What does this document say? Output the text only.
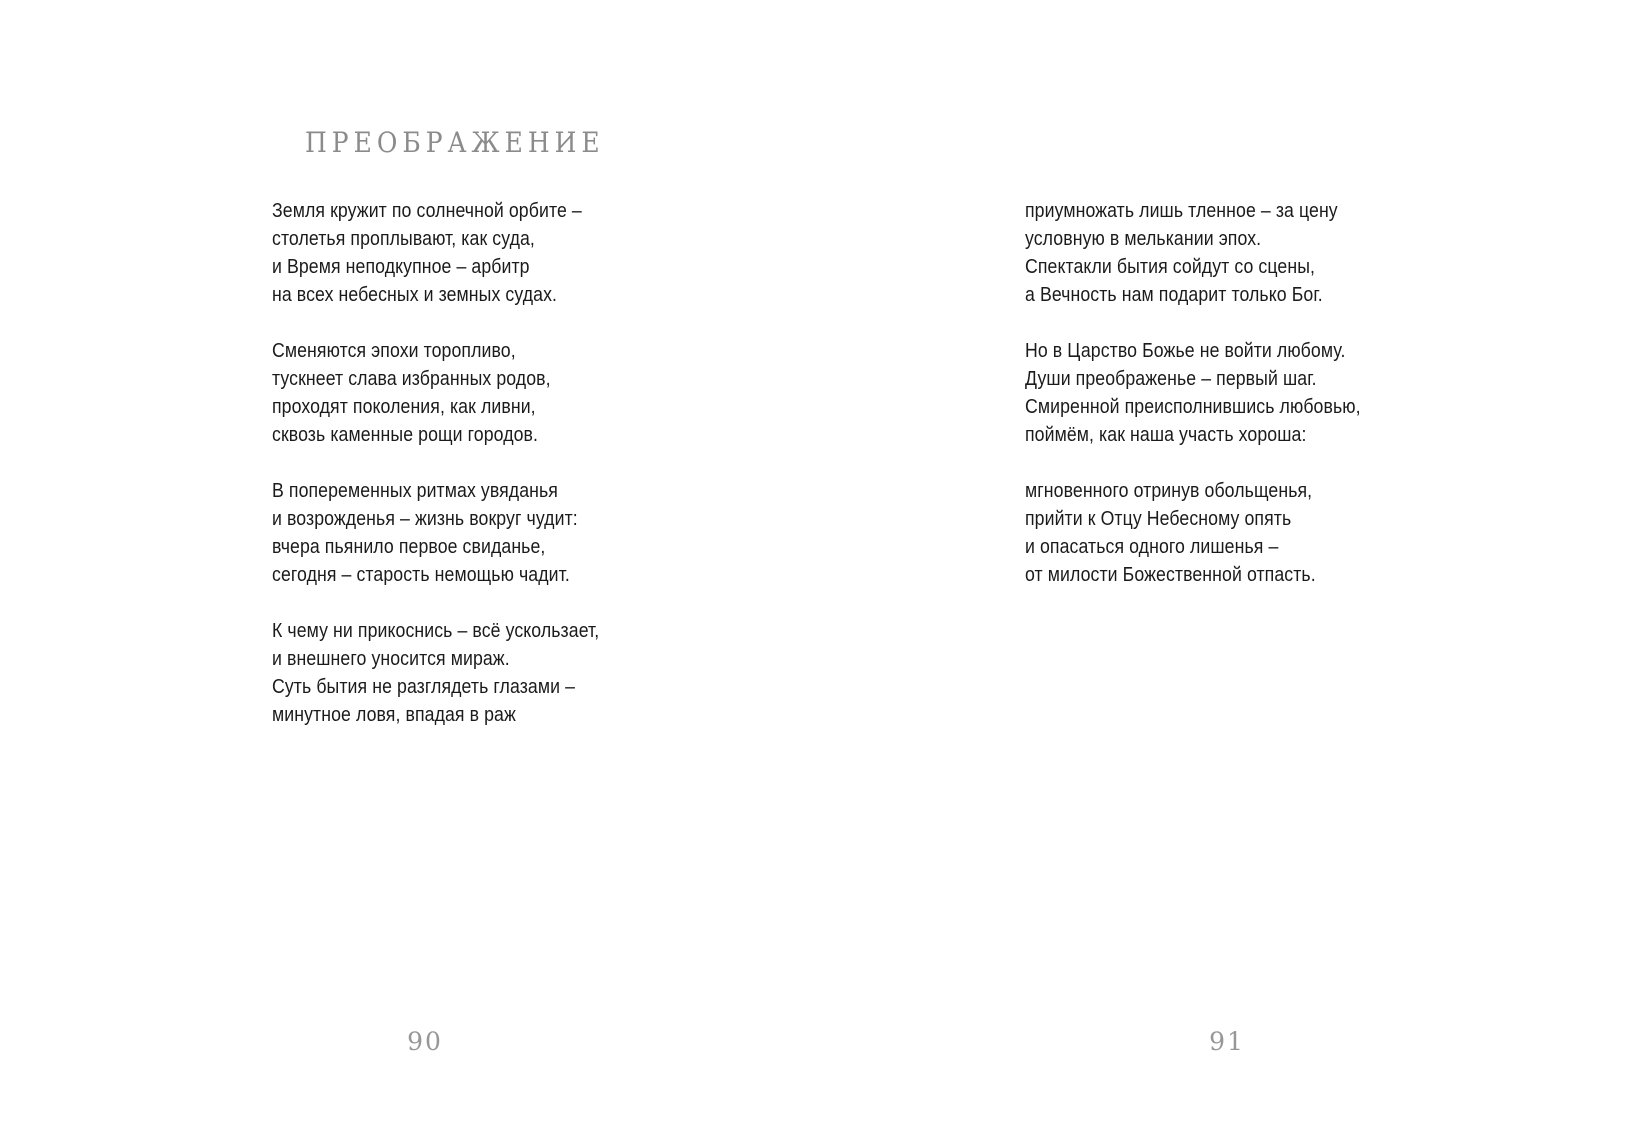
ПРЕОБРАЖЕНИЕ
Земля кружит по солнечной орбите –
столетья проплывают, как суда,
и Время неподкупное – арбитр
на всех небесных и земных судах.
Сменяются эпохи торопливо,
тускнеет слава избранных родов,
проходят поколения, как ливни,
сквозь каменные рощи городов.
В попеременных ритмах увяданья
и возрожденья – жизнь вокруг чудит:
вчера пьянило первое свиданье,
сегодня – старость немощью чадит.
К чему ни прикоснись – всё ускользает,
и внешнего уносится мираж.
Суть бытия не разглядеть глазами –
минутное ловя, впадая в раж
90
приумножать лишь тленное – за цену
условную в мелькании эпох.
Спектакли бытия сойдут со сцены,
а Вечность нам подарит только Бог.
Но в Царство Божье не войти любому.
Души преображенье – первый шаг.
Смиренной преисполнившись любовью,
поймём, как наша участь хороша:
мгновенного отринув обольщенья,
прийти к Отцу Небесному опять
и опасаться одного лишенья –
от милости Божественной отпасть.
91
